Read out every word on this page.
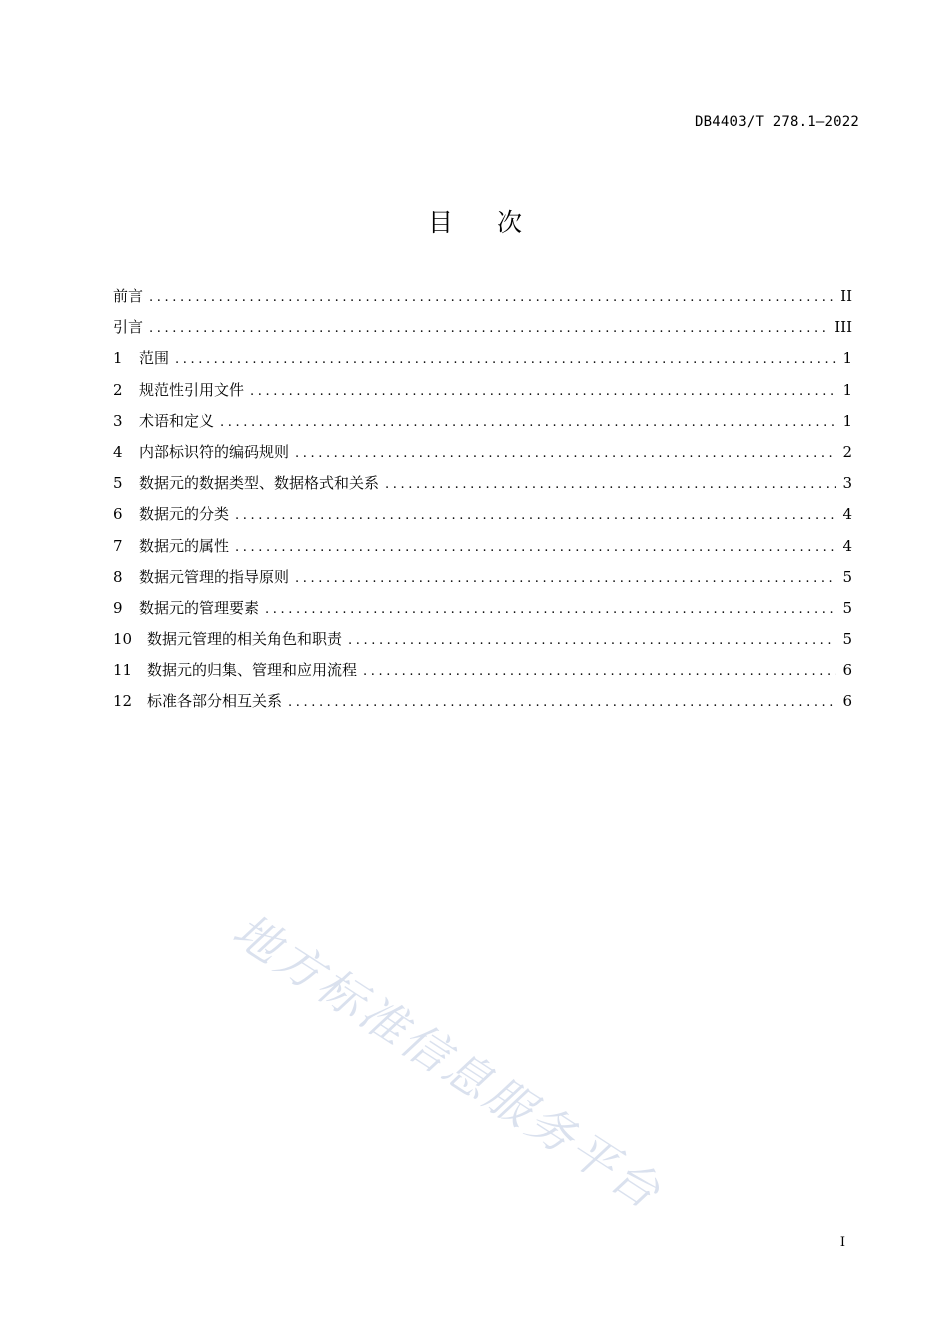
DB4403/T 278.1—2022
目 次
前言 .....	II
引言 .....	III
1	范围 .....	1
2	规范性引用文件 .....	1
3	术语和定义 .....	1
4	内部标识符的编码规则 .....	2
5	数据元的数据类型、数据格式和关系 .....	3
6	数据元的分类 .....	4
7	数据元的属性 .....	4
8	数据元管理的指导原则 .....	5
9	数据元的管理要素 .....	5
10 数据元管理的相关角色和职责 .....	5
11 数据元的归集、管理和应用流程 .....	6
12 标准各部分相互关系 .....	6
地方标准信息服务平台
I
